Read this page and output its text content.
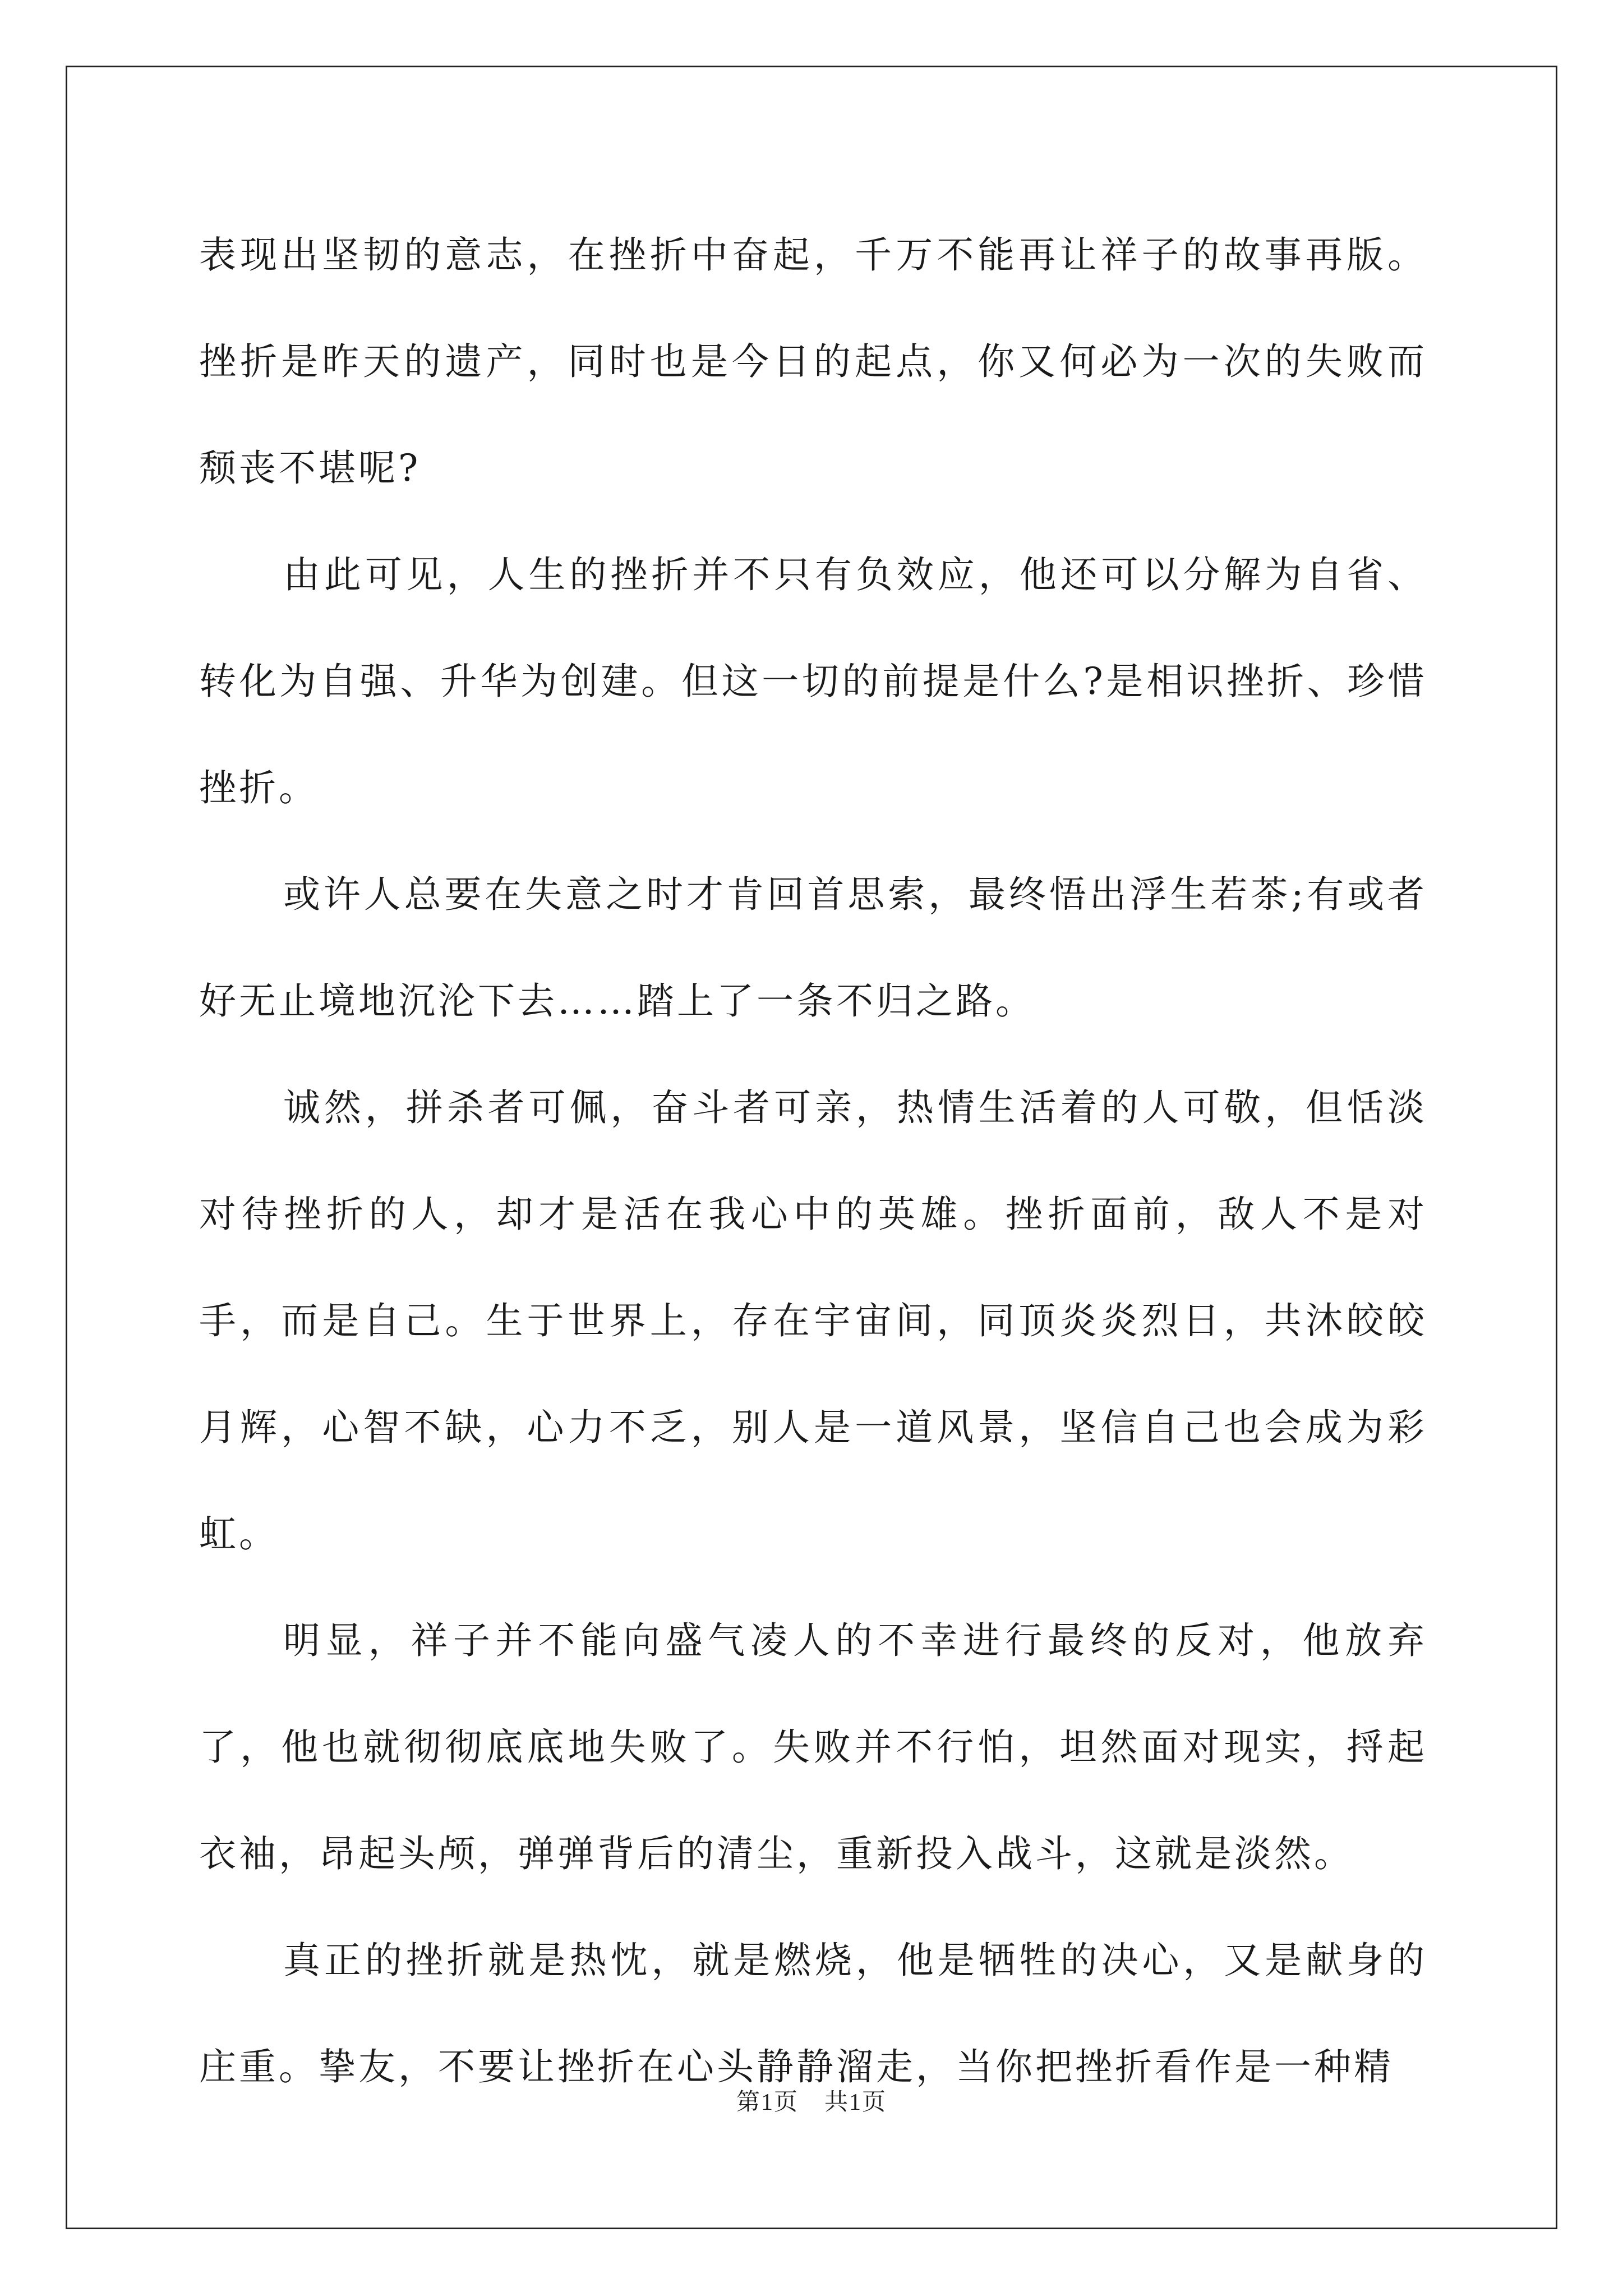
表现出坚韧的意志，在挫折中奋起，千万不能再让祥子的故事再版。挫折是昨天的遗产，同时也是今日的起点，你又何必为一次的失败而颓丧不堪呢?

由此可见，人生的挫折并不只有负效应，他还可以分解为自省、转化为自强、升华为创建。但这一切的前提是什么?是相识挫折、珍惜挫折。

或许人总要在失意之时才肯回首思索，最终悟出浮生若茶;有或者好无止境地沉沦下去……踏上了一条不归之路。

诚然，拼杀者可佩，奋斗者可亲，热情生活着的人可敬，但恬淡对待挫折的人，却才是活在我心中的英雄。挫折面前，敌人不是对手，而是自己。生于世界上，存在宇宙间，同顶炎炎烈日，共沐皎皎月辉，心智不缺，心力不乏，别人是一道风景，坚信自己也会成为彩虹。

明显，祥子并不能向盛气凌人的不幸进行最终的反对，他放弃了，他也就彻彻底底地失败了。失败并不行怕，坦然面对现实，捋起衣袖，昂起头颅，弹弹背后的清尘，重新投入战斗，这就是淡然。

真正的挫折就是热忱，就是燃烧，他是牺牲的决心，又是献身的庄重。挚友，不要让挫折在心头静静溜走，当你把挫折看作是一种精

第1页 共1页
